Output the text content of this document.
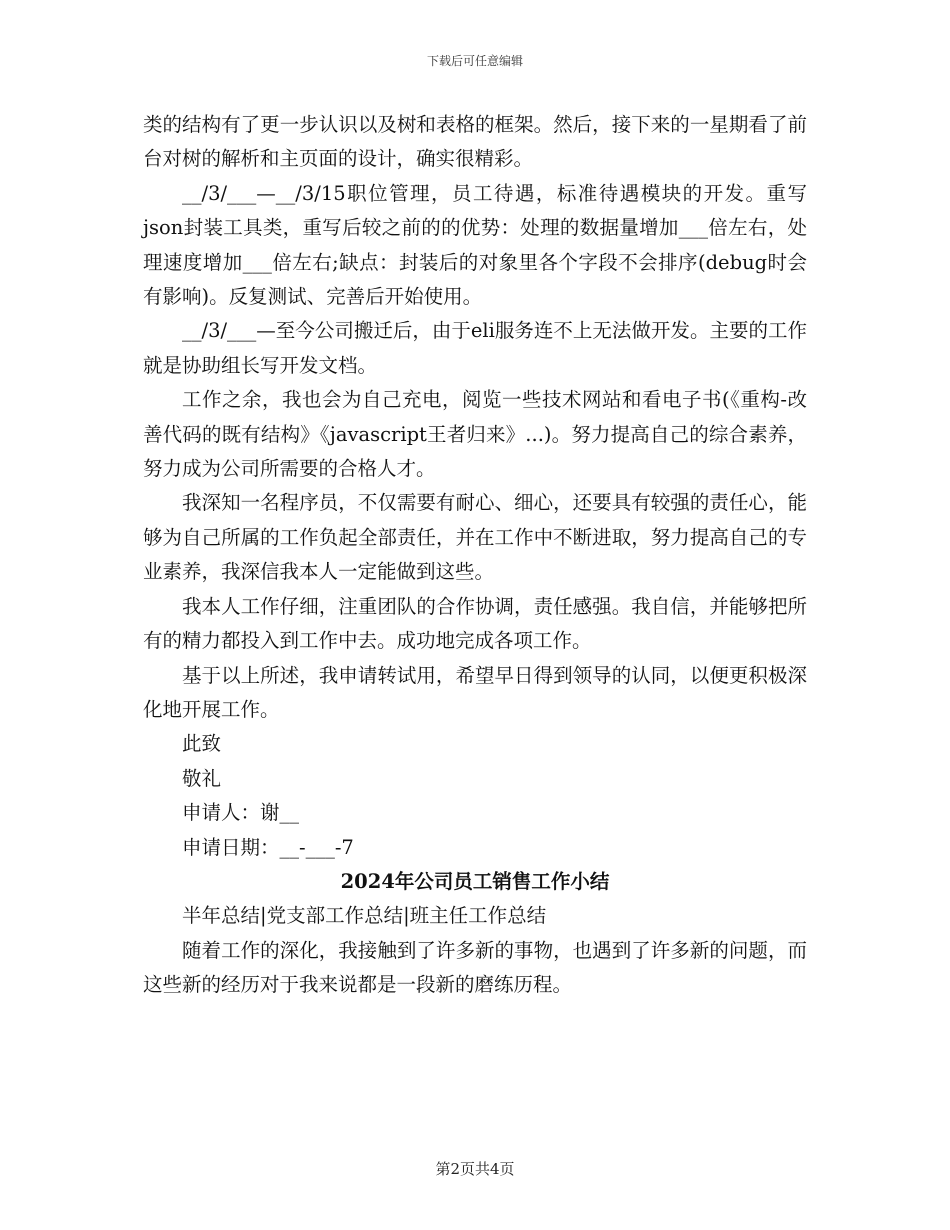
下载后可任意编辑

类的结构有了更一步认识以及树和表格的框架。然后，接下来的一星期看了前台对树的解析和主页面的设计，确实很精彩。

__/3/___—__/3/15职位管理，员工待遇，标准待遇模块的开发。重写json封装工具类，重写后较之前的的优势：处理的数据量增加___倍左右，处理速度增加___倍左右;缺点：封装后的对象里各个字段不会排序(debug时会有影响)。反复测试、完善后开始使用。

__/3/___—至今公司搬迁后，由于eli服务连不上无法做开发。主要的工作就是协助组长写开发文档。

工作之余，我也会为自己充电，阅览一些技术网站和看电子书(《重构-改善代码的既有结构》《javascript王者归来》...)。努力提高自己的综合素养，努力成为公司所需要的合格人才。

我深知一名程序员，不仅需要有耐心、细心，还要具有较强的责任心，能够为自己所属的工作负起全部责任，并在工作中不断进取，努力提高自己的专业素养，我深信我本人一定能做到这些。

我本人工作仔细，注重团队的合作协调，责任感强。我自信，并能够把所有的精力都投入到工作中去。成功地完成各项工作。

基于以上所述，我申请转试用，希望早日得到领导的认同，以便更积极深化地开展工作。

此致

敬礼

申请人：谢__

申请日期：__-___-7

2024年公司员工销售工作小结

半年总结|党支部工作总结|班主任工作总结

随着工作的深化，我接触到了许多新的事物，也遇到了许多新的问题，而这些新的经历对于我来说都是一段新的磨练历程。

第2页共4页
